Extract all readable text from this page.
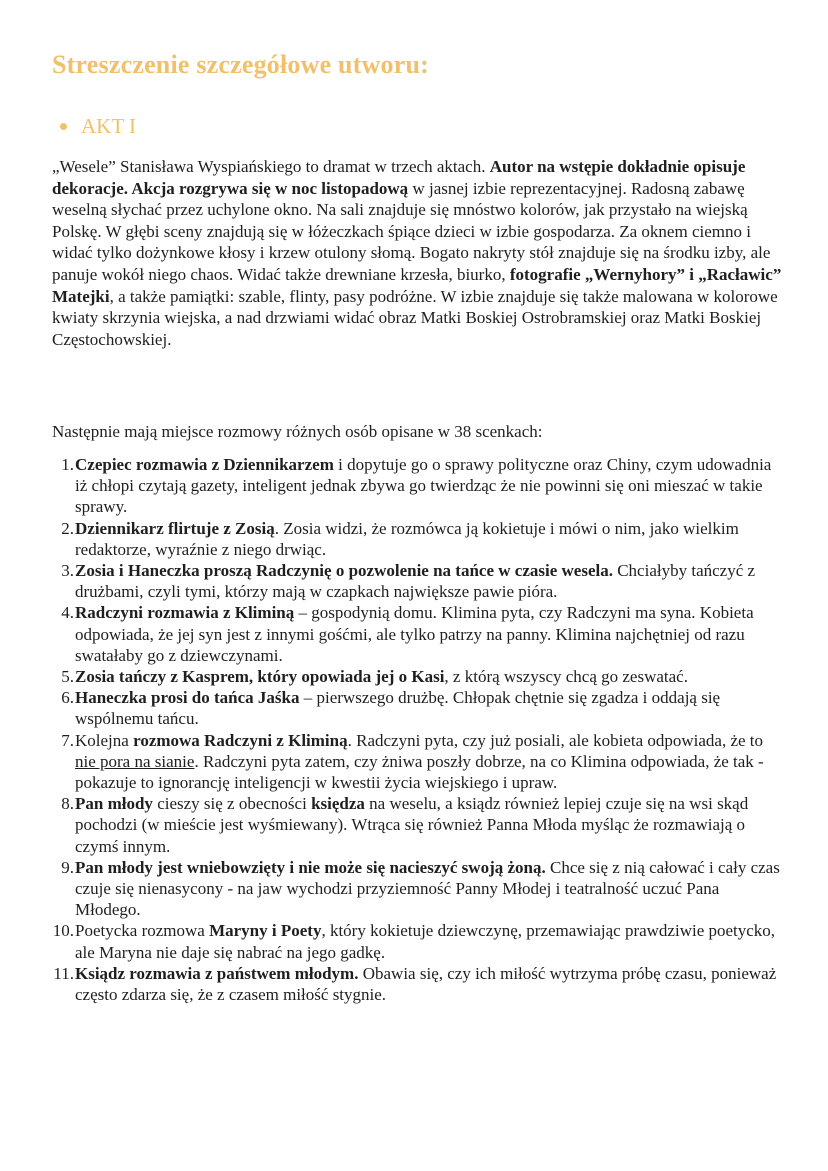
Streszczenie szczegółowe utworu:
AKT I

„Wesele” Stanisława Wyspiańskiego to dramat w trzech aktach. Autor na wstępie dokładnie opisuje dekoracje. Akcja rozgrywa się w noc listopadową w jasnej izbie reprezentacyjnej. Radosną zabawę weselną słychać przez uchylone okno. Na sali znajduje się mnóstwo kolorów, jak przystało na wiejską Polskę. W głębi sceny znajdują się w łóżeczkach śpiące dzieci w izbie gospodarza. Za oknem ciemno i widać tylko dożynkowe kłosy i krzew otulony słomą. Bogato nakryty stół znajduje się na środku izby, ale panuje wokół niego chaos. Widać także drewniane krzesła, biurko, fotografie „Wernyhory” i „Racławic” Matejki, a także pamiątki: szable, flinty, pasy podróżne. W izbie znajduje się także malowana w kolorowe kwiaty skrzynia wiejska, a nad drzwiami widać obraz Matki Boskiej Ostrobramskiej oraz Matki Boskiej Częstochowskiej.

Następnie mają miejsce rozmowy różnych osób opisane w 38 scenkach:

1. Czepiec rozmawia z Dziennikarzem i dopytuje go o sprawy polityczne oraz Chiny, czym udowadnia iż chłopi czytają gazety, inteligent jednak zbywa go twierdząc że nie powinni się oni mieszać w takie sprawy.
2. Dziennikarz flirtuje z Zosią. Zosia widzi, że rozmówca ją kokietuje i mówi o nim, jako wielkim redaktorze, wyraźnie z niego drwiąc.
3. Zosia i Haneczka proszą Radczynię o pozwolenie na tańce w czasie wesela. Chciałyby tańczyć z drużbami, czyli tymi, którzy mają w czapkach największe pawie pióra.
4. Radczyni rozmawia z Kliminą – gospodynią domu. Klimina pyta, czy Radczyni ma syna. Kobieta odpowiada, że jej syn jest z innymi gośćmi, ale tylko patrzy na panny. Klimina najchętniej od razu swatałaby go z dziewczynami.
5. Zosia tańczy z Kasprem, który opowiada jej o Kasi, z którą wszyscy chcą go zeswatać.
6. Haneczka prosi do tańca Jaśka – pierwszego drużbę. Chłopak chętnie się zgadza i oddają się wspólnemu tańcu.
7. Kolejna rozmowa Radczyni z Kliminą. Radczyni pyta, czy już posiali, ale kobieta odpowiada, że to nie pora na sianie. Radczyni pyta zatem, czy żniwa poszły dobrze, na co Klimina odpowiada, że tak - pokazuje to ignorancję inteligencji w kwestii życia wiejskiego i upraw.
8. Pan młody cieszy się z obecności księdza na weselu, a ksiądz również lepiej czuje się na wsi skąd pochodzi (w mieście jest wyśmiewany). Wtrąca się również Panna Młoda myśląc że rozmawiają o czymś innym.
9. Pan młody jest wniebowzięty i nie może się nacieszyć swoją żoną. Chce się z nią całować i cały czas czuje się nienasycony - na jaw wychodzi przyziemność Panny Młodej i teatralność uczuć Pana Młodego.
10. Poetycka rozmowa Maryny i Poety, który kokietuje dziewczynę, przemawiając prawdziwie poetycko, ale Maryna nie daje się nabrać na jego gadkę.
11. Ksiądz rozmawia z państwem młodym. Obawia się, czy ich miłość wytrzyma próbę czasu, ponieważ często zdarza się, że z czasem miłość stygnie.
